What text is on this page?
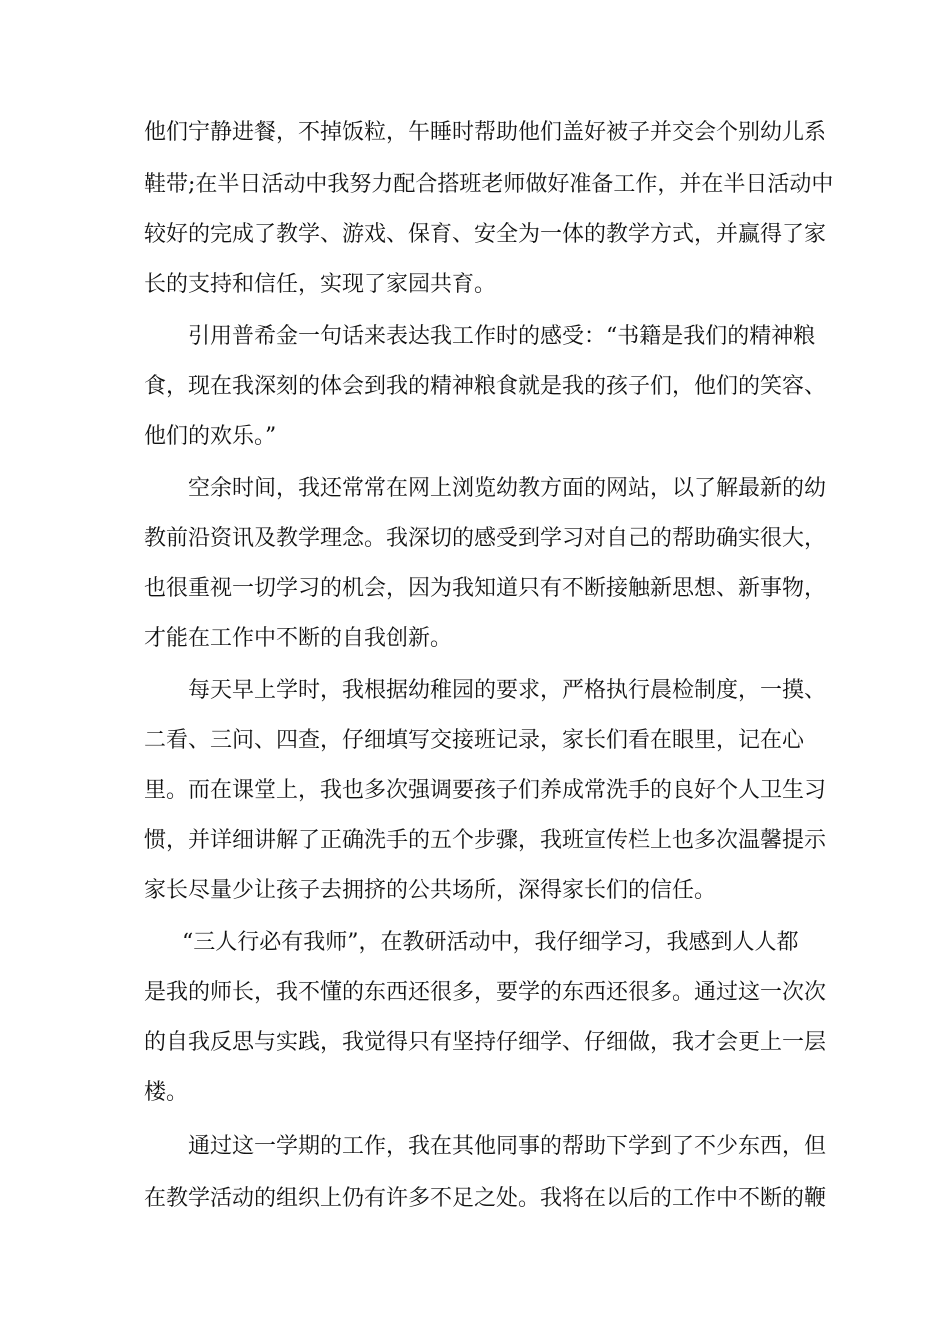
他们宁静进餐，不掉饭粒，午睡时帮助他们盖好被子并交会个别幼儿系
鞋带;在半日活动中我努力配合搭班老师做好准备工作，并在半日活动中
较好的完成了教学、游戏、保育、安全为一体的教学方式，并赢得了家
长的支持和信任，实现了家园共育。
引用普希金一句话来表达我工作时的感受：“书籍是我们的精神粮
食，现在我深刻的体会到我的精神粮食就是我的孩子们，他们的笑容、
他们的欢乐。”
空余时间，我还常常在网上浏览幼教方面的网站，以了解最新的幼
教前沿资讯及教学理念。我深切的感受到学习对自己的帮助确实很大，
也很重视一切学习的机会，因为我知道只有不断接触新思想、新事物，
才能在工作中不断的自我创新。
每天早上学时，我根据幼稚园的要求，严格执行晨检制度，一摸、
二看、三问、四查，仔细填写交接班记录，家长们看在眼里，记在心
里。而在课堂上，我也多次强调要孩子们养成常洗手的良好个人卫生习
惯，并详细讲解了正确洗手的五个步骤，我班宣传栏上也多次温馨提示
家长尽量少让孩子去拥挤的公共场所，深得家长们的信任。
“三人行必有我师”，在教研活动中，我仔细学习，我感到人人都
是我的师长，我不懂的东西还很多，要学的东西还很多。通过这一次次
的自我反思与实践，我觉得只有坚持仔细学、仔细做，我才会更上一层
楼。
通过这一学期的工作，我在其他同事的帮助下学到了不少东西，但
在教学活动的组织上仍有许多不足之处。我将在以后的工作中不断的鞭
